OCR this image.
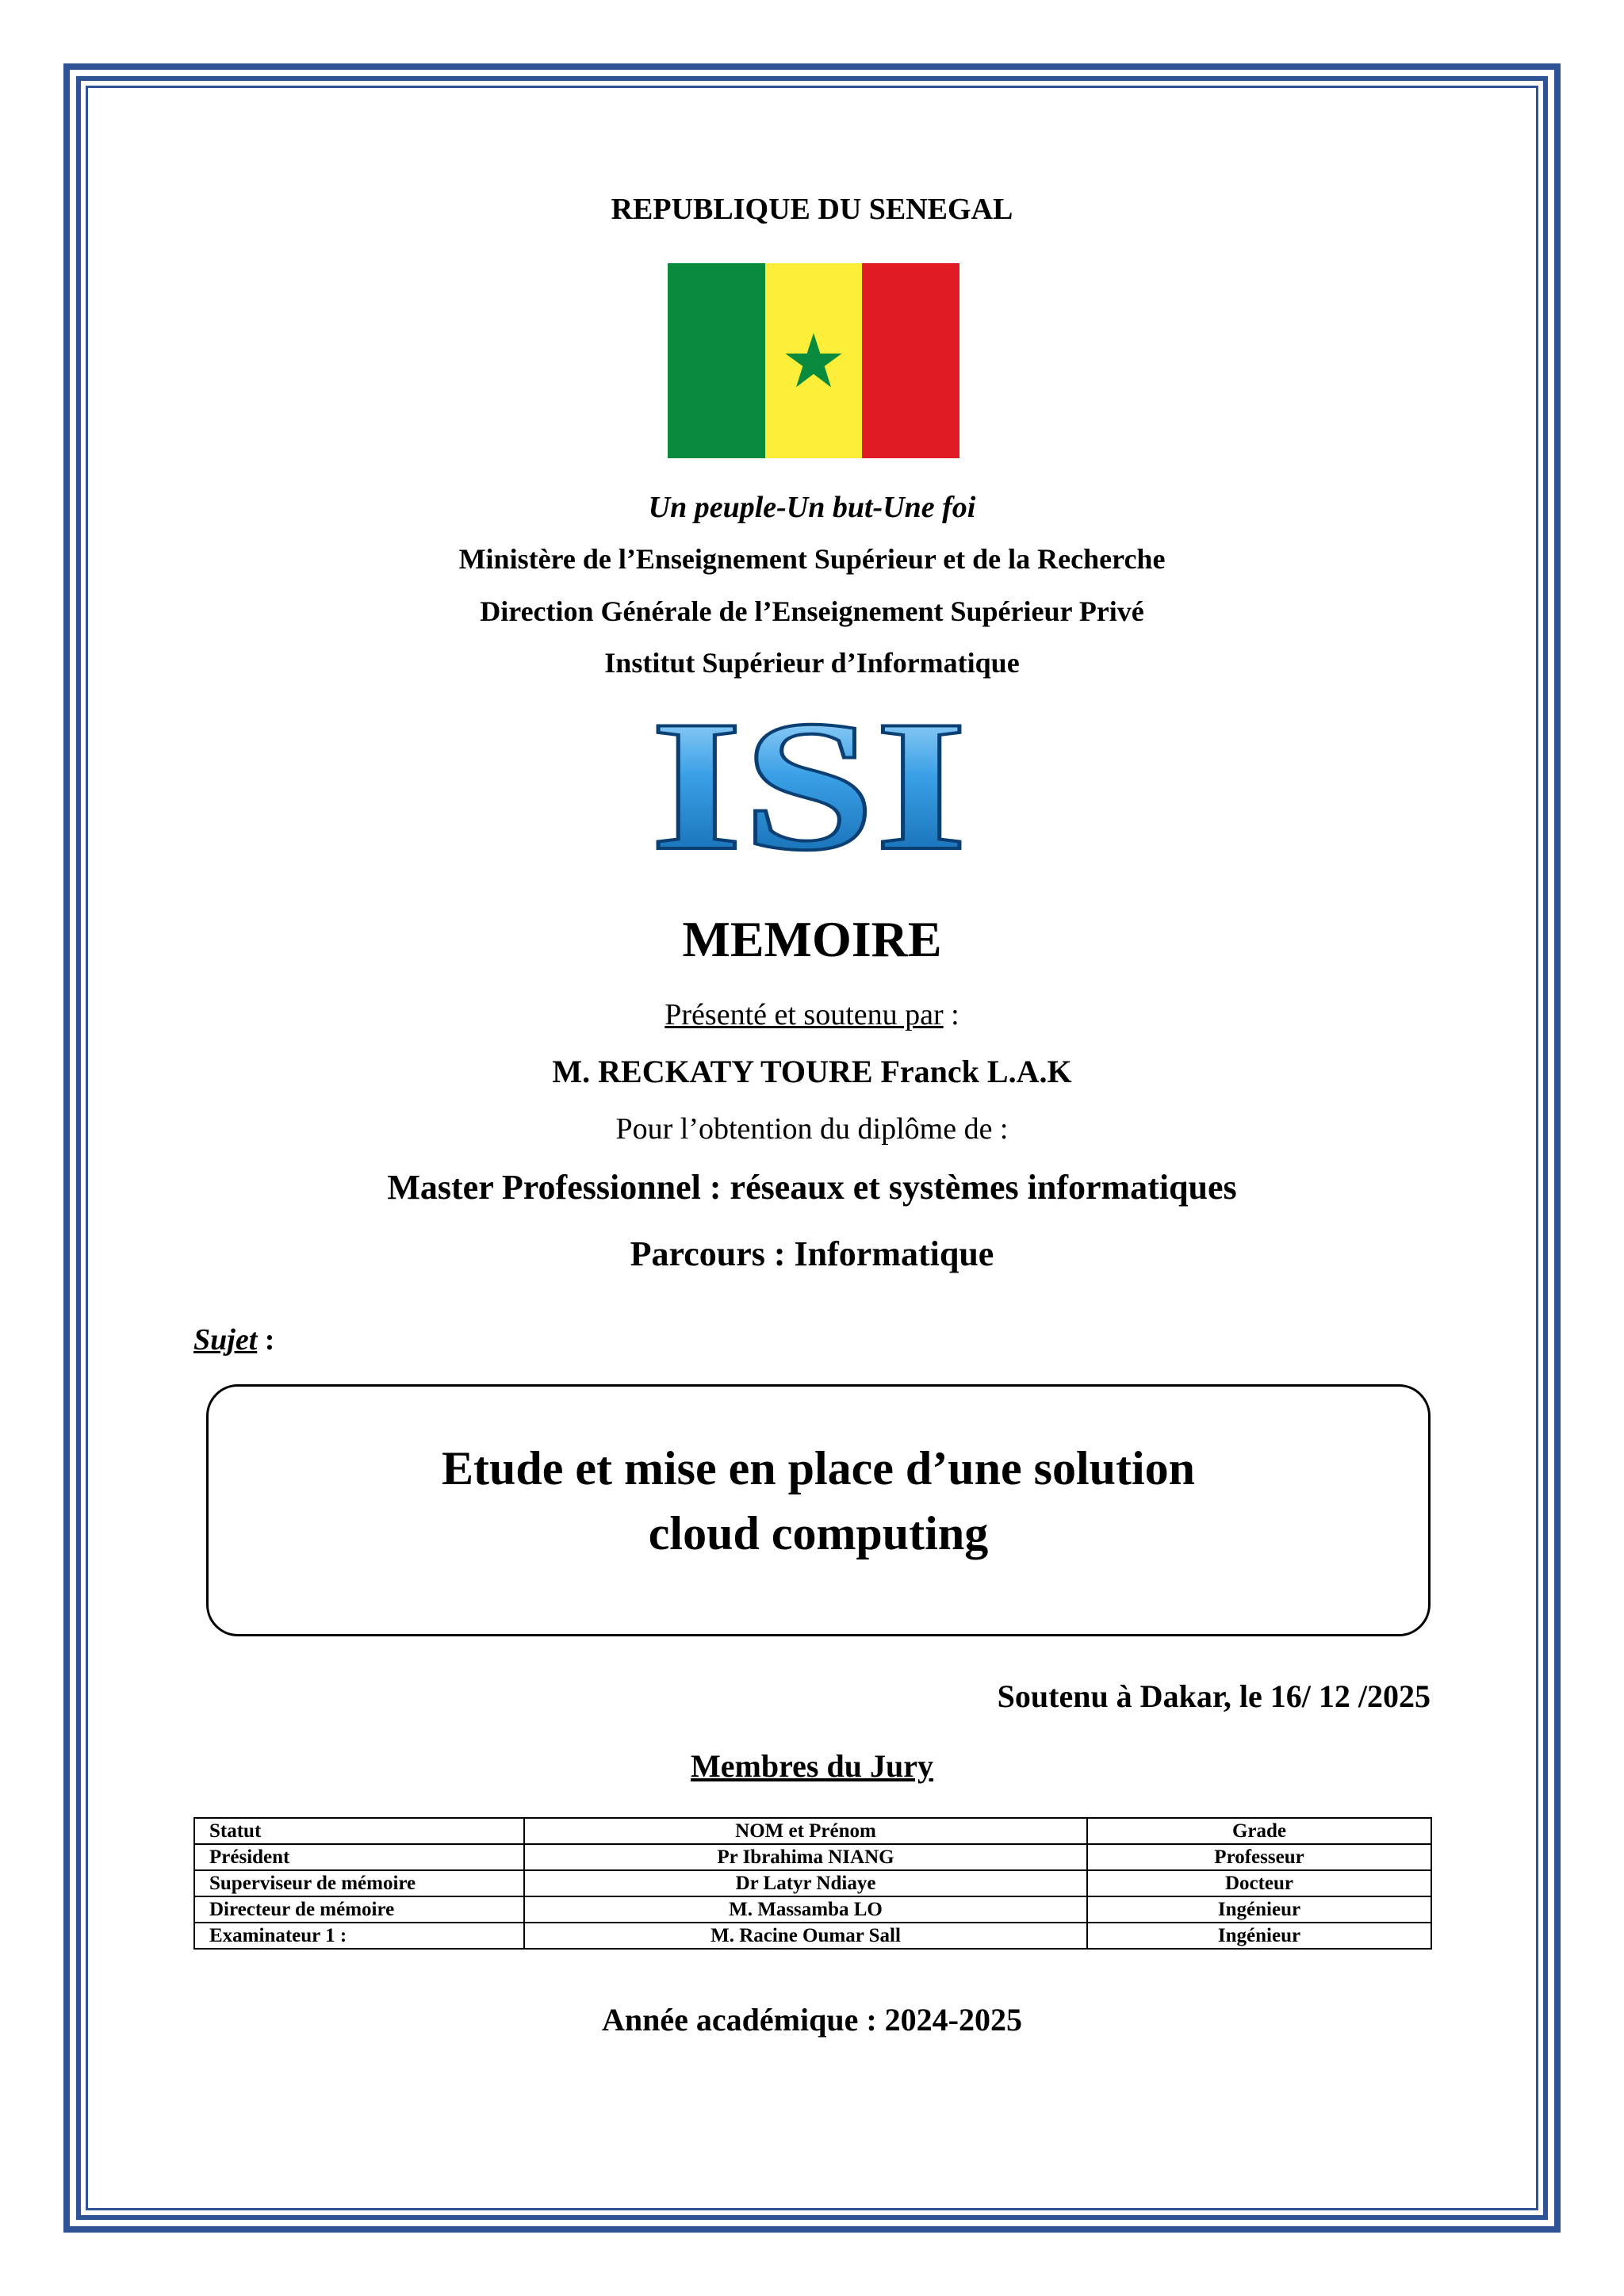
REPUBLIQUE DU SENEGAL
Un peuple-Un but-Une foi
Ministère de l’Enseignement Supérieur et de la Recherche
Direction Générale de l’Enseignement Supérieur Privé
Institut Supérieur d’Informatique
ISI
MEMOIRE
Présenté et soutenu par :
M. RECKATY TOURE Franck L.A.K
Pour l’obtention du diplôme de :
Master Professionnel : réseaux et systèmes informatiques
Parcours : Informatique
Sujet :
Etude et mise en place d’une solution cloud computing
Soutenu à Dakar, le 16/ 12 /2025
Membres du Jury
Statut	NOM et Prénom	Grade
Président	Pr Ibrahima NIANG	Professeur
Superviseur de mémoire	Dr Latyr Ndiaye	Docteur
Directeur de mémoire	M. Massamba LO	Ingénieur
Examinateur 1 :	M. Racine Oumar Sall	Ingénieur
Année académique : 2024-2025
